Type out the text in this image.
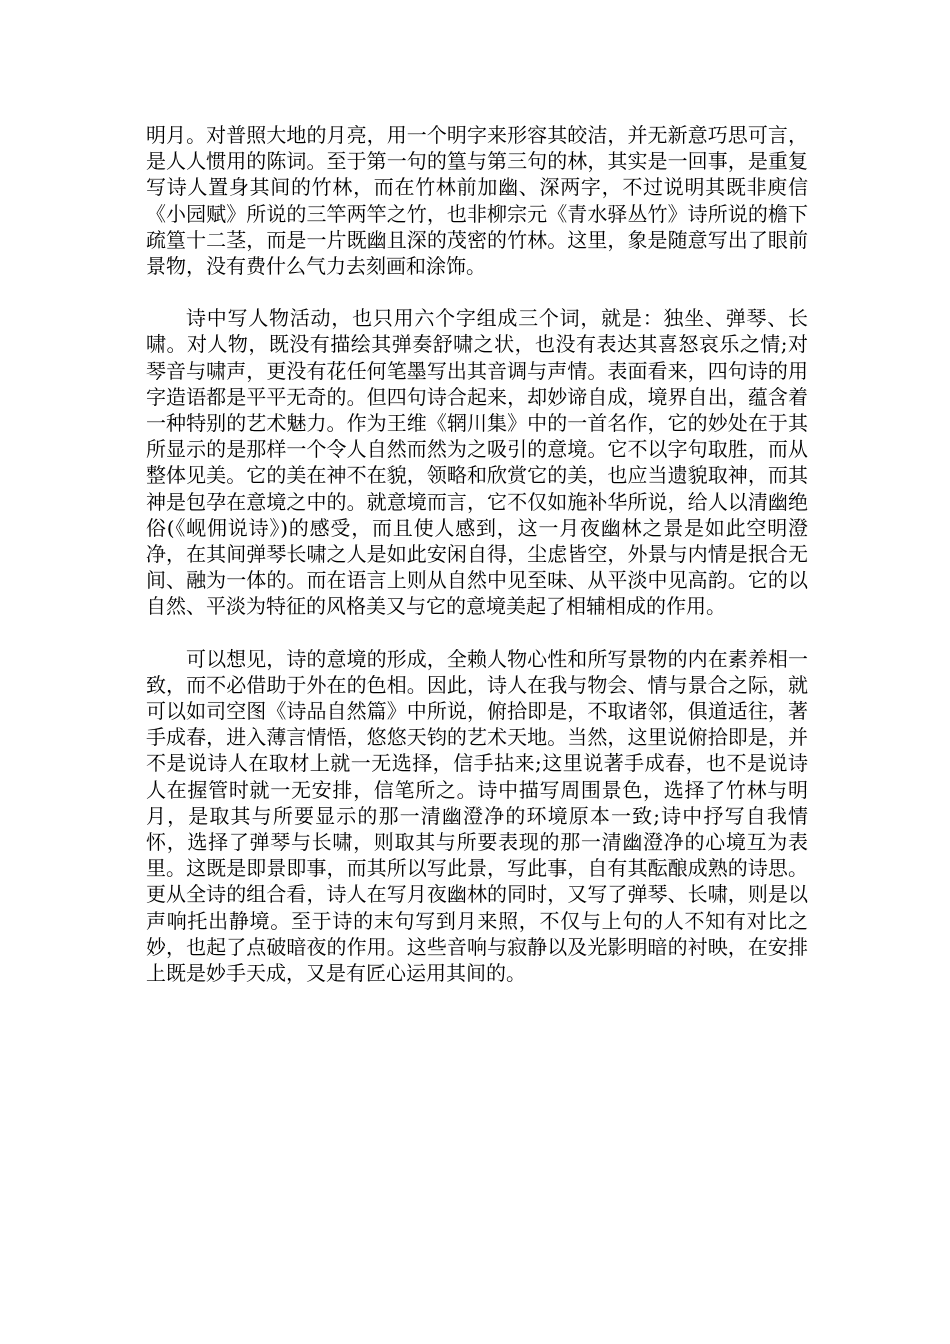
明月。对普照大地的月亮，用一个明字来形容其皎洁，并无新意巧思可言，是人人惯用的陈词。至于第一句的篁与第三句的林，其实是一回事，是重复写诗人置身其间的竹林，而在竹林前加幽、深两字，不过说明其既非庾信《小园赋》所说的三竿两竿之竹，也非柳宗元《青水驿丛竹》诗所说的檐下疏篁十二茎，而是一片既幽且深的茂密的竹林。这里，象是随意写出了眼前景物，没有费什么气力去刻画和涂饰。

诗中写人物活动，也只用六个字组成三个词，就是：独坐、弹琴、长啸。对人物，既没有描绘其弹奏舒啸之状，也没有表达其喜怒哀乐之情;对琴音与啸声，更没有花任何笔墨写出其音调与声情。表面看来，四句诗的用字造语都是平平无奇的。但四句诗合起来，却妙谛自成，境界自出，蕴含着一种特别的艺术魅力。作为王维《辋川集》中的一首名作，它的妙处在于其所显示的是那样一个令人自然而然为之吸引的意境。它不以字句取胜，而从整体见美。它的美在神不在貌，领略和欣赏它的美，也应当遗貌取神，而其神是包孕在意境之中的。就意境而言，它不仅如施补华所说，给人以清幽绝俗(《岘佣说诗》)的感受，而且使人感到，这一月夜幽林之景是如此空明澄净，在其间弹琴长啸之人是如此安闲自得，尘虑皆空，外景与内情是抿合无间、融为一体的。而在语言上则从自然中见至味、从平淡中见高韵。它的以自然、平淡为特征的风格美又与它的意境美起了相辅相成的作用。

可以想见，诗的意境的形成，全赖人物心性和所写景物的内在素养相一致，而不必借助于外在的色相。因此，诗人在我与物会、情与景合之际，就可以如司空图《诗品自然篇》中所说，俯拾即是，不取诸邻，俱道适往，著手成春，进入薄言情悟，悠悠天钧的艺术天地。当然，这里说俯拾即是，并不是说诗人在取材上就一无选择，信手拈来;这里说著手成春，也不是说诗人在握管时就一无安排，信笔所之。诗中描写周围景色，选择了竹林与明月，是取其与所要显示的那一清幽澄净的环境原本一致;诗中抒写自我情怀，选择了弹琴与长啸，则取其与所要表现的那一清幽澄净的心境互为表里。这既是即景即事，而其所以写此景，写此事，自有其酝酿成熟的诗思。更从全诗的组合看，诗人在写月夜幽林的同时，又写了弹琴、长啸，则是以声响托出静境。至于诗的末句写到月来照，不仅与上句的人不知有对比之妙，也起了点破暗夜的作用。这些音响与寂静以及光影明暗的衬映，在安排上既是妙手天成，又是有匠心运用其间的。
